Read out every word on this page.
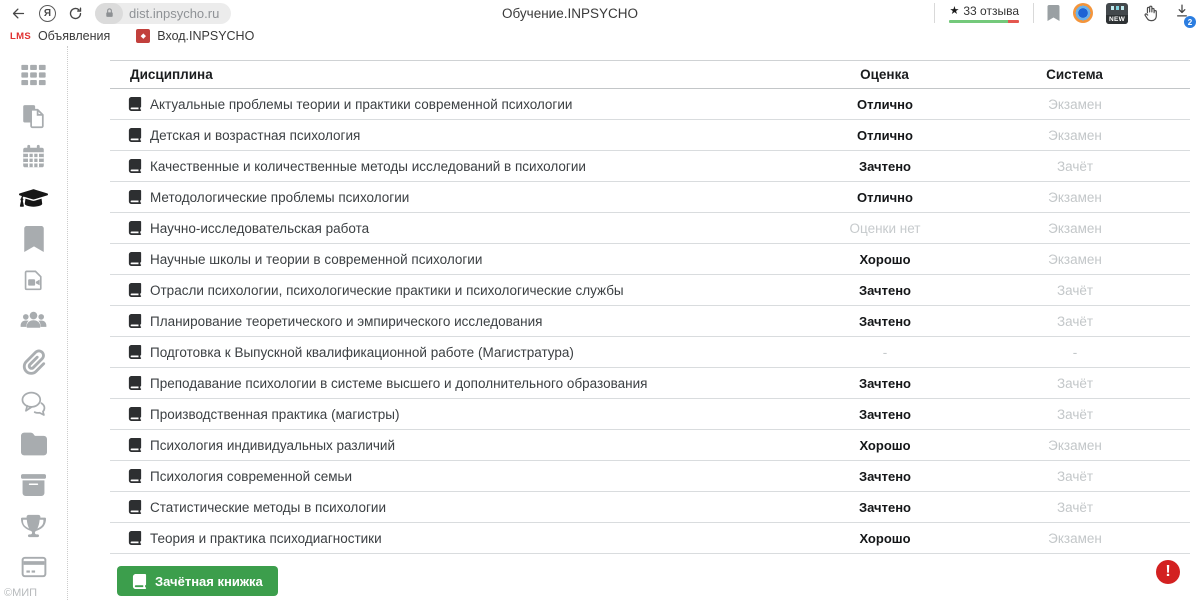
Я	dist.inpsycho.ru	Обучение.INPSYCHO	★ 33 отзыва
NEW	2
LMS Объявления	◆ Вход.INPSYCHO
Дисциплина	Оценка	Система

Актуальные проблемы теории и практики современной психологии	Отлично	Экзамен

Детская и возрастная психология	Отлично	Экзамен

Качественные и количественные методы исследований в психологии	Зачтено	Зачёт

Методологические проблемы психологии	Отлично	Экзамен

Научно-исследовательская работа	Оценки нет	Экзамен

Научные школы и теории в современной психологии	Хорошо	Экзамен

Отрасли психологии, психологические практики и психологические службы	Зачтено	Зачёт

Планирование теоретического и эмпирического исследования	Зачтено	Зачёт

Подготовка к Выпускной квалификационной работе (Магистратура)	-	-

Преподавание психологии в системе высшего и дополнительного образования	Зачтено	Зачёт

Производственная практика (магистры)	Зачтено	Зачёт

Психология индивидуальных различий	Хорошо	Экзамен

Психология современной семьи	Зачтено	Зачёт

Статистические методы в психологии	Зачтено	Зачёт

Теория и практика психодиагностики	Хорошо	Экзамен
Зачётная книжка
!
©МИП
